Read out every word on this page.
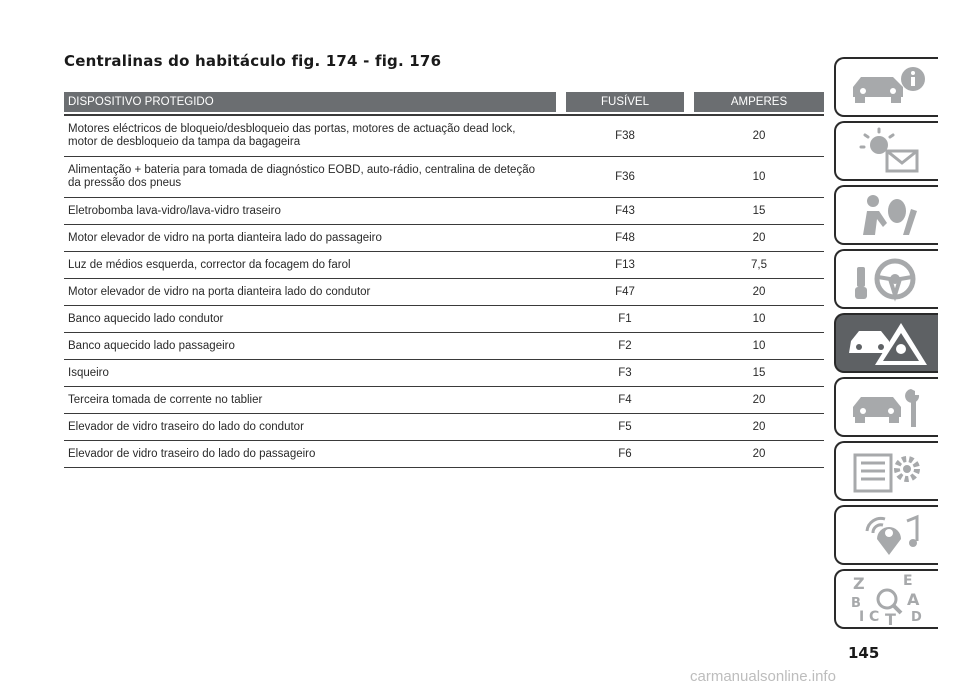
Centralinas do habitáculo fig. 174 - fig. 176
DISPOSITIVO PROTEGIDO		FUSÍVEL		AMPERES
Motores eléctricos de bloqueio/desbloqueio das portas, motores de actuação dead lock,
motor de desbloqueio da tampa da bagageira		F38		20
Alimentação + bateria para tomada de diagnóstico EOBD, auto-rádio, centralina de deteção
da pressão dos pneus		F36		10
Eletrobomba lava-vidro/lava-vidro traseiro		F43		15
Motor elevador de vidro na porta dianteira lado do passageiro		F48		20
Luz de médios esquerda, corrector da focagem do farol		F13		7,5
Motor elevador de vidro na porta dianteira lado do condutor		F47		20
Banco aquecido lado condutor		F1		10
Banco aquecido lado passageiro		F2		10
Isqueiro		F3		15
Terceira tomada de corrente no tablier		F4		20
Elevador de vidro traseiro do lado do condutor		F5		20
Elevador de vidro traseiro do lado do passageiro		F6		20
Z	E
B	A
I C T D
145
carmanualsonline.info
